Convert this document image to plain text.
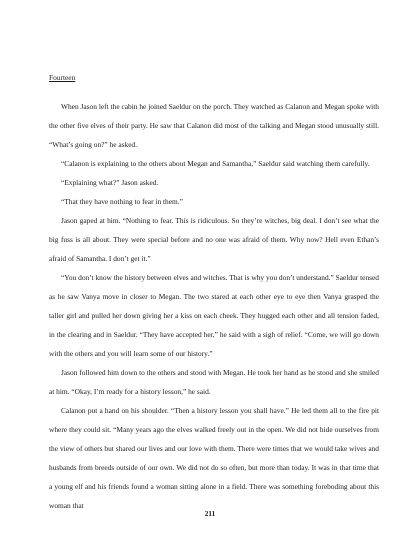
Fourteen

When Jason left the cabin he joined Saeldur on the porch. They watched as Calanon and Megan spoke with the other five elves of their party. He saw that Calanon did most of the talking and Megan stood unusually still. “What’s going on?” he asked.

“Calanon is explaining to the others about Megan and Samantha,” Saeldur said watching them carefully.

“Explaining what?” Jason asked.

“That they have nothing to fear in them.”

Jason gaped at him. “Nothing to fear. This is ridiculous. So they’re witches, big deal. I don’t see what the big fuss is all about. They were special before and no one was afraid of them. Why now? Hell even Ethan’s afraid of Samantha. I don’t get it.”

“You don’t know the history between elves and witches. That is why you don’t understand.” Saeldur tensed as he saw Vanya move in closer to Megan. The two stared at each other eye to eye then Vanya grasped the taller girl and pulled her down giving her a kiss on each cheek. They hugged each other and all tension faded, in the clearing and in Saeldur. “They have accepted her,” he said with a sigh of relief. “Come, we will go down with the others and you will learn some of our history.”

Jason followed him down to the others and stood with Megan. He took her hand as he stood and she smiled at him. “Okay, I’m ready for a history lesson,” he said.

Calanon put a hand on his shoulder. “Then a history lesson you shall have.” He led them all to the fire pit where they could sit. “Many years ago the elves walked freely out in the open. We did not hide ourselves from the view of others but shared our lives and our love with them. There were times that we would take wives and husbands from breeds outside of our own. We did not do so often, but more than today. It was in that time that a young elf and his friends found a woman sitting alone in a field. There was something foreboding about this woman that

211
